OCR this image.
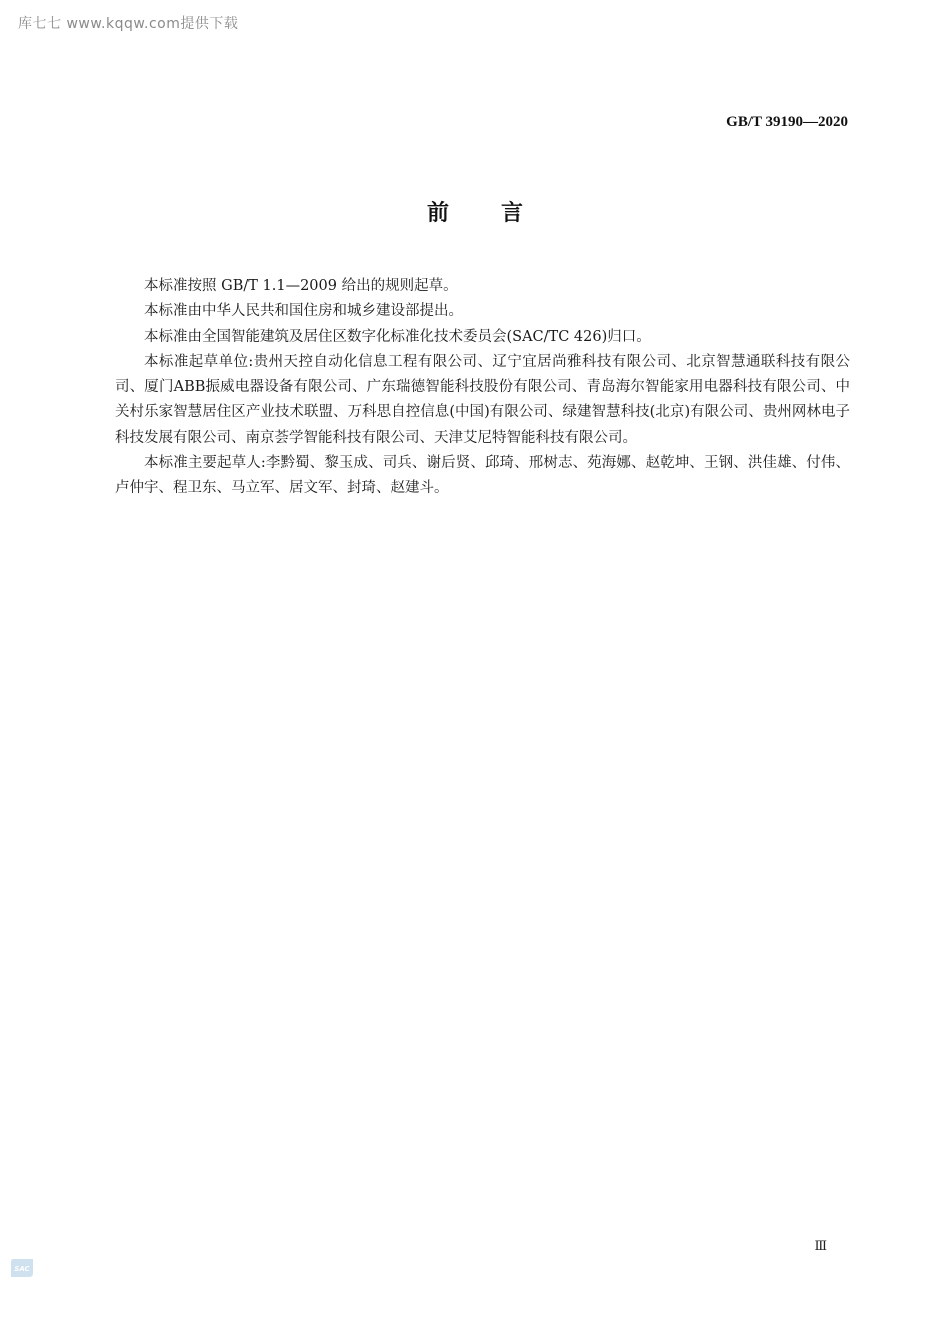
库七七 www.kqqw.com提供下载
GB/T 39190—2020
前 言

本标准按照 GB/T 1.1—2009 给出的规则起草。

本标准由中华人民共和国住房和城乡建设部提出。

本标准由全国智能建筑及居住区数字化标准化技术委员会(SAC/TC 426)归口。

本标准起草单位:贵州天控自动化信息工程有限公司、辽宁宜居尚雅科技有限公司、北京智慧通联科技有限公司、厦门ABB振威电器设备有限公司、广东瑞德智能科技股份有限公司、青岛海尔智能家用电器科技有限公司、中关村乐家智慧居住区产业技术联盟、万科思自控信息(中国)有限公司、绿建智慧科技(北京)有限公司、贵州网林电子科技发展有限公司、南京荟学智能科技有限公司、天津艾尼特智能科技有限公司。

本标准主要起草人:李黔蜀、黎玉成、司兵、谢后贤、邱琦、邢树志、苑海娜、赵乾坤、王钢、洪佳雄、付伟、卢仲宇、程卫东、马立军、居文军、封琦、赵建斗。

Ⅲ
SAC
